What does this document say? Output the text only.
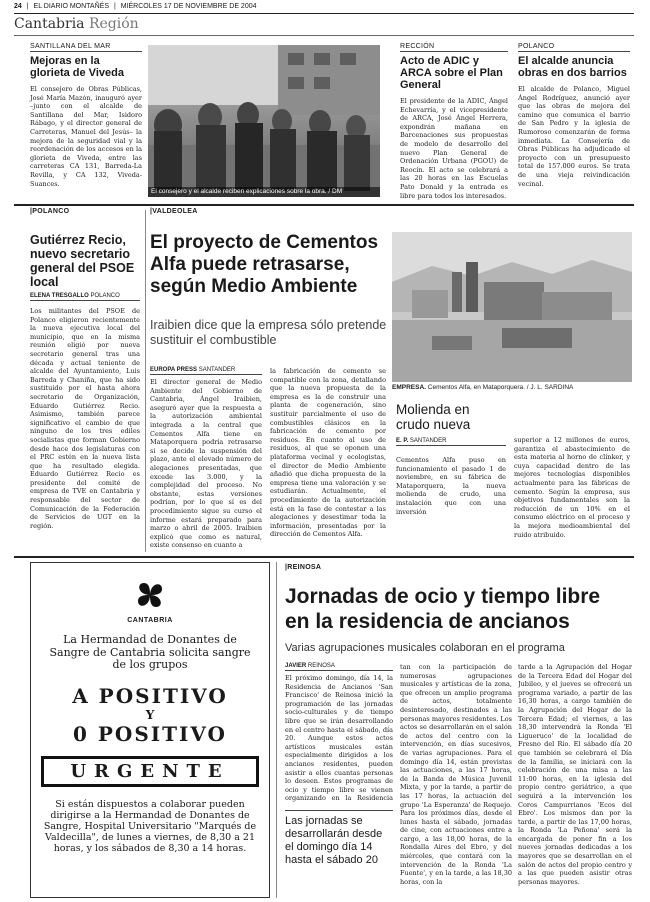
24 | EL DIARIO MONTAÑÉS | MIÉRCOLES 17 DE NOVIEMBRE DE 2004
Cantabria Región
SANTILLANA DEL MAR
Mejoras en la glorieta de Viveda
El consejero de Obras Públicas, José María Mazón, inauguró ayer –junto con el alcalde de Santillana del Mar, Isidoro Rábago, y el director general de Carreteras, Manuel del Jesús– la mejora de la seguridad vial y la reordenación de los accesos en la glorieta de Viveda, entre las carreteras CA 131, Barreda-La Revilla, y CA 132, Viveda-Suances.
El consejero y el alcalde reciben explicaciones sobre la obra. / DM
RECCIÓN
Acto de ADIC y ARCA sobre el Plan General
El presidente de la ADIC, Ángel Echevarría, y el vicepresidente de ARCA, José Ángel Herrera, expondrán mañana en Barcenaciones sus propuestas de modelo de desarrollo del nuevo Plan General de Ordenación Urbana (PGOU) de Reocín. El acto se celebrará a las 20 horas en las Escuelas Pato Donald y la entrada es libre para todos los interesados.
POLANCO
El alcalde anuncia obras en dos barrios
El alcalde de Polanco, Miguel Ángel Rodríguez, anunció ayer que las obras de mejora del camino que comunica el barrio de San Pedro y la iglesia de Rumoroso comenzarán de forma inmediata. La Consejería de Obras Públicas ha adjudicado el proyecto con un presupuesto total de 157.000 euros. Se trata de una vieja reivindicación vecinal.
|POLANCO
Gutiérrez Recio, nuevo secretario general del PSOE local
ELENA TRESGALLO POLANCO
Los militantes del PSOE de Polanco eligieron recientemente la nueva ejecutiva local del municipio, que en la misma reunión eligió por nueva secretario general tras una década y actual teniente de alcalde del Ayuntamiento, Luis Barreda y Chaniña, que ha sido sustituido por el hasta ahora secretario de Organización, Eduardo Gutiérrez Recio. Asimismo, también parece significativo el cambio de que ninguno de los tres ediles socialistas que forman Gobierno desde hace dos legislaturas con el PRC estén en la nueva lista que ha resultado elegida. Eduardo Gutiérrez Recio es presidente del comité de empresa de TVE en Cantabria y responsable del sector de Comunicación de la Federación de Servicios de UGT en la región.
|VALDEOLEA
El proyecto de Cementos Alfa puede retrasarse, según Medio Ambiente
Iraibien dice que la empresa sólo pretende sustituir el combustible
EMPRESA. Cementos Alfa, en Mataporquera. / J. L. SARDINA
EUROPA PRESS SANTANDER
El director general de Medio Ambiente del Gobierno de Cantabria, Ángel Iraibien, aseguró ayer que la respuesta a la autorización ambiental integrada a la central que Cementos Alfa tiene en Mataporquera podría retrasarse si se decide la suspensión del plazo, ante el elevado número de alegaciones presentadas, que excede las 3.000, y la complejidad del proceso. No obstante, estas versiones podrían, por lo que sí es del procedimiento sigue su curso el informe estará preparado para marzo o abril de 2005. Iraibien explicó que como es natural, existe consenso en cuanto a
la fabricación de cemento se compatible con la zona, detallando que la nueva propuesta de la empresa es la de construir una planta de cogeneración, sino sustituir parcialmente el uso de combustibles clásicos en la fabricación de cemento por residuos. En cuanto al uso de residuos, al que se oponen una plataforma vecinal y ecologistas, el director de Medio Ambiente añadió que dicha propuesta de la empresa tiene una valoración y se estudiarán. Actualmente, el procedimiento de la autorización está en la fase de contestar a las alegaciones y desestimar toda la información, presentadas por la dirección de Cementos Alfa.
Molienda en crudo nueva
E. P. SANTANDER
Cementos Alfa puso en funcionamiento el pasado 1 de noviembre, en su fábrica de Mataporquera, la nueva molienda de crudo, una instalación que con una inversión
superior a 12 millones de euros, garantiza el abastecimiento de esta materia al horno de clínker, y cuya capacidad dentro de las mejores tecnologías disponibles actualmente para las fábricas de cemento. Según la empresa, sus objetivos fundamentales son la reducción de un 10% en el consumo eléctrico en el proceso y la mejora medioambiental del ruido atribuido.
CANTABRIA
La Hermandad de Donantes de Sangre de Cantabria solicita sangre de los grupos
A POSITIVO
Y
0 POSITIVO
URGENTE
Si están dispuestos a colaborar pueden dirigirse a la Hermandad de Donantes de Sangre, Hospital Universitario "Marqués de Valdecilla", de lunes a viernes, de 8,30 a 21 horas, y los sábados de 8,30 a 14 horas.
|REINOSA
Jornadas de ocio y tiempo libre en la residencia de ancianos
Varias agrupaciones musicales colaboran en el programa
JAVIER REINOSA
El próximo domingo, día 14, la Residencia de Ancianos 'San Francisco' de Reinosa inició la programación de las jornadas socio-culturales y de tiempo libre que se irán desarrollando en el centro hasta el sábado, día 20. Aunque estos actos artísticos musicales están especialmente dirigidos a los ancianos residentes, pueden asistir a ellos cuantas personas lo deseen. Estos programas de ocio y tiempo libre se vienen organizando en la Residencia
Las jornadas se desarrollarán desde el domingo día 14 hasta el sábado 20
tan con la participación de numerosas agrupaciones musicales y artísticas de la zona, que ofrecen un amplio programa de actos, totalmente desinteresado, destinados a las personas mayores residentes. Los actos se desarrollarán en el salón de actos del centro con la intervención, en días sucesivos, de varias agrupaciones. Para el domingo día 14, están previstas las actuaciones, a las 17 horas, de la Banda de Música Juvenil Mixta, y por la tarde, a partir de las 17 horas, la actuación del grupo 'La Esperanza' de Requejo. Para los próximos días, desde el lunes hasta el sábado, jornadas de cine, con actuaciones entre a cargo, a las 18,00 horas, de la Rondalla Aires del Ebro, y del miércoles, que contará con la intervención de la Ronda 'La Fuente', y en la tarde, a las 18,30 horas, con la
tarde a la Agrupación del Hogar de la Tercera Edad del Hogar del Jubileo, y el jueves se ofrecerá un programa variado, a partir de las 16,30 horas, a cargo también de la Agrupación del Hogar de la Tercera Edad; el viernes, a las 18,30 intervendrá la Ronda 'El Ligueruco' de la localidad de Fresno del Río. El sábado día 20 que también se celebrará el Día de la familia, se iniciará con la celebración de una misa a las 11:00 horas, en la iglesia del propio centro geriátrico, a que seguirá a la intervención los Coros Campurrianos 'Ecos del Ebro'. Los mismos dan por la tarde, a partir de las 17,00 horas, la Ronda 'La Peñona' será la encargada de poner fin a los nueves jornadas dedicadas a los mayores que se desarrollan en el salón de actos del propio centro y a las que pueden asistir otras personas mayores.
